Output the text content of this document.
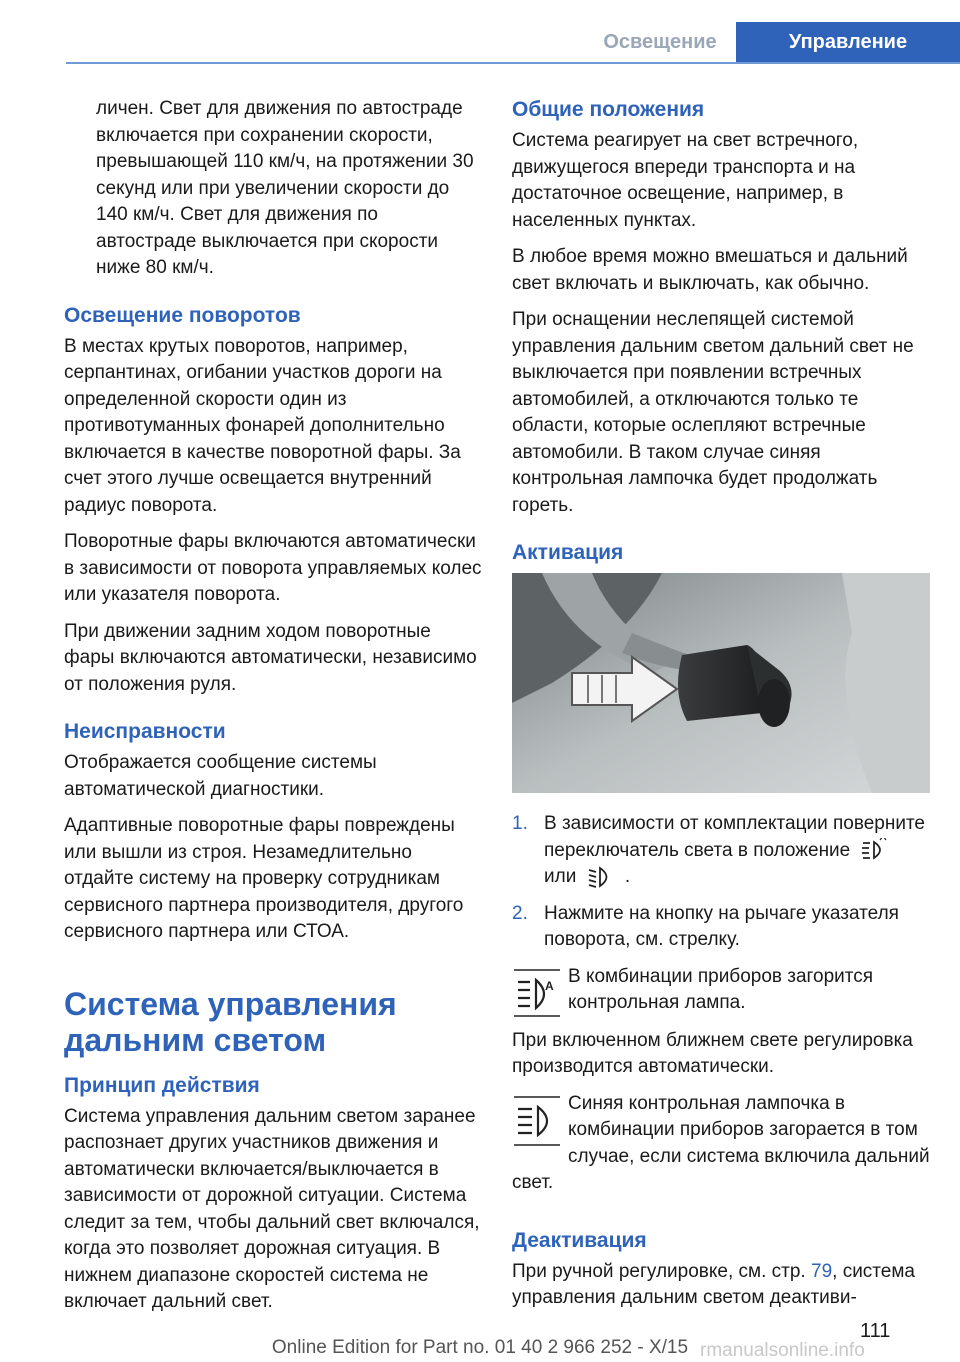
Освещение	Управление

личен. Свет для движения по автостраде включается при сохранении скорости, превышающей 110 км/ч, на протяжении 30 секунд или при увеличении скорости до 140 км/ч. Свет для движения по автостраде выключается при скорости ниже 80 км/ч.

Освещение поворотов

В местах крутых поворотов, например, серпантинах, огибании участков дороги на определенной скорости один из противотуманных фонарей дополнительно включается в качестве поворотной фары. За счет этого лучше освещается внутренний радиус поворота.

Поворотные фары включаются автоматически в зависимости от поворота управляемых колес или указателя поворота.

При движении задним ходом поворотные фары включаются автоматически, независимо от положения руля.

Неисправности

Отображается сообщение системы автоматической диагностики.

Адаптивные поворотные фары повреждены или вышли из строя. Незамедлительно отдайте систему на проверку сотрудникам сервисного партнера производителя, другого сервисного партнера или СТОА.

Система управления дальним светом
Принцип действия

Система управления дальним светом заранее распознает других участников движения и автоматически включается/выключается в зависимости от дорожной ситуации. Система следит за тем, чтобы дальний свет включался, когда это позволяет дорожная ситуация. В нижнем диапазоне скоростей система не включает дальний свет.

Общие положения

Система реагирует на свет встречного, движущегося впереди транспорта и на достаточное освещение, например, в населенных пунктах.

В любое время можно вмешаться и дальний свет включать и выключать, как обычно.

При оснащении неслепящей системой управления дальним светом дальний свет не выключается при появлении встречных автомобилей, а отключаются только те области, которые ослепляют встречные автомобили. В таком случае синяя контрольная лампочка будет продолжать гореть.

Активация
1. В зависимости от комплектации поверните переключатель света в положение  или	.
2. Нажмите на кнопку на рычаге указателя поворота, см. стрелку.
A В комбинации приборов загорится контрольная лампа.

При включенном ближнем свете регулировка производится автоматически.

Синяя контрольная лампочка в комбинации приборов загорается в том случае, если система включила дальний свет.

Деактивация

При ручной регулировке, см. стр. 79, система управления дальним светом деактиви-

111
Online Edition for Part no. 01 40 2 966 252 - X/15 rmanualsonline.info
